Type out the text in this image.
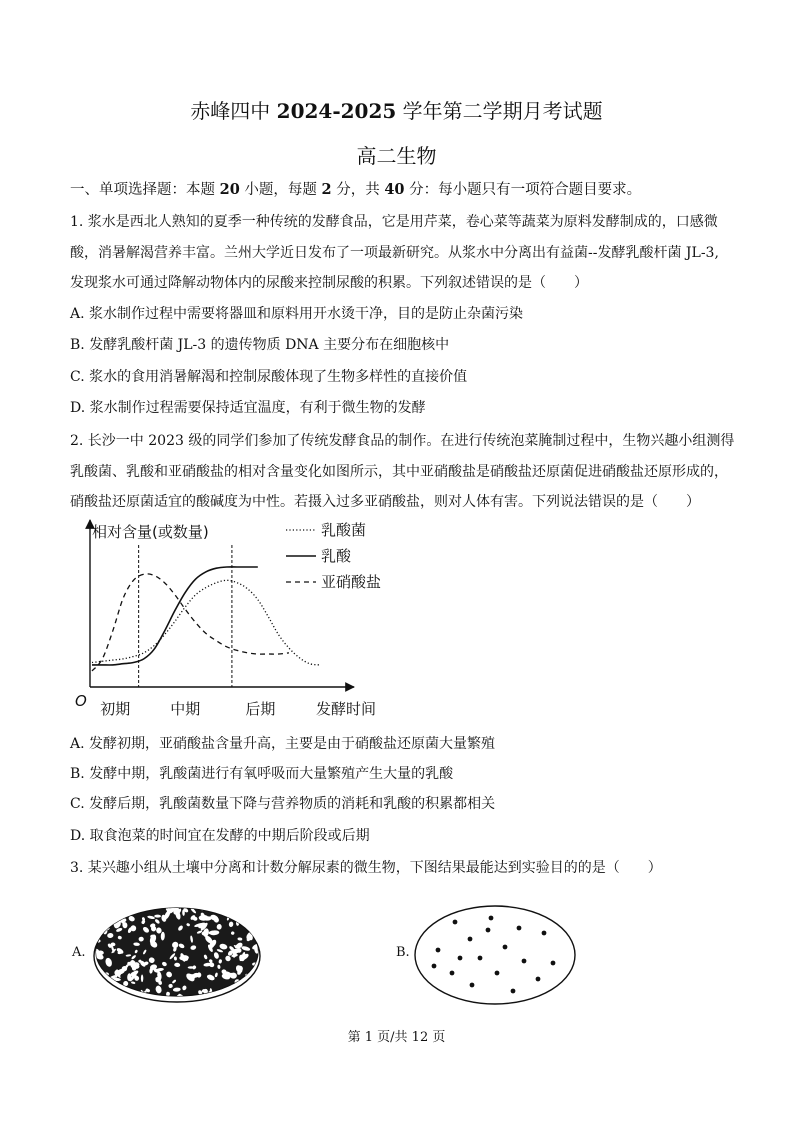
赤峰四中 2024-2025 学年第二学期月考试题
高二生物
一、单项选择题：本题 20 小题，每题 2 分，共 40 分：每小题只有一项符合题目要求。
1. 浆水是西北人熟知的夏季一种传统的发酵食品，它是用芹菜，卷心菜等蔬菜为原料发酵制成的，口感微
酸，消暑解渴营养丰富。兰州大学近日发布了一项最新研究。从浆水中分离出有益菌--发酵乳酸杆菌 JL-3,
发现浆水可通过降解动物体内的尿酸来控制尿酸的积累。下列叙述错误的是（　　）
A. 浆水制作过程中需要将器皿和原料用开水烫干净，目的是防止杂菌污染
B. 发酵乳酸杆菌 JL-3 的遗传物质 DNA 主要分布在细胞核中
C. 浆水的食用消暑解渴和控制尿酸体现了生物多样性的直接价值
D. 浆水制作过程需要保持适宜温度，有利于微生物的发酵
2. 长沙一中 2023 级的同学们参加了传统发酵食品的制作。在进行传统泡菜腌制过程中，生物兴趣小组测得
乳酸菌、乳酸和亚硝酸盐的相对含量变化如图所示，其中亚硝酸盐是硝酸盐还原菌促进硝酸盐还原形成的，
硝酸盐还原菌适宜的酸碱度为中性。若摄入过多亚硝酸盐，则对人体有害。下列说法错误的是（　　）
相对含量(或数量)
发酵时间
O 初期	中期	后期
乳酸菌
乳酸
亚硝酸盐
A. 发酵初期，亚硝酸盐含量升高，主要是由于硝酸盐还原菌大量繁殖
B. 发酵中期，乳酸菌进行有氧呼吸而大量繁殖产生大量的乳酸
C. 发酵后期，乳酸菌数量下降与营养物质的消耗和乳酸的积累都相关
D. 取食泡菜的时间宜在发酵的中期后阶段或后期
3. 某兴趣小组从土壤中分离和计数分解尿素的微生物，下图结果最能达到实验目的的是（　　）
A.	B.
第 1 页/共 12 页
